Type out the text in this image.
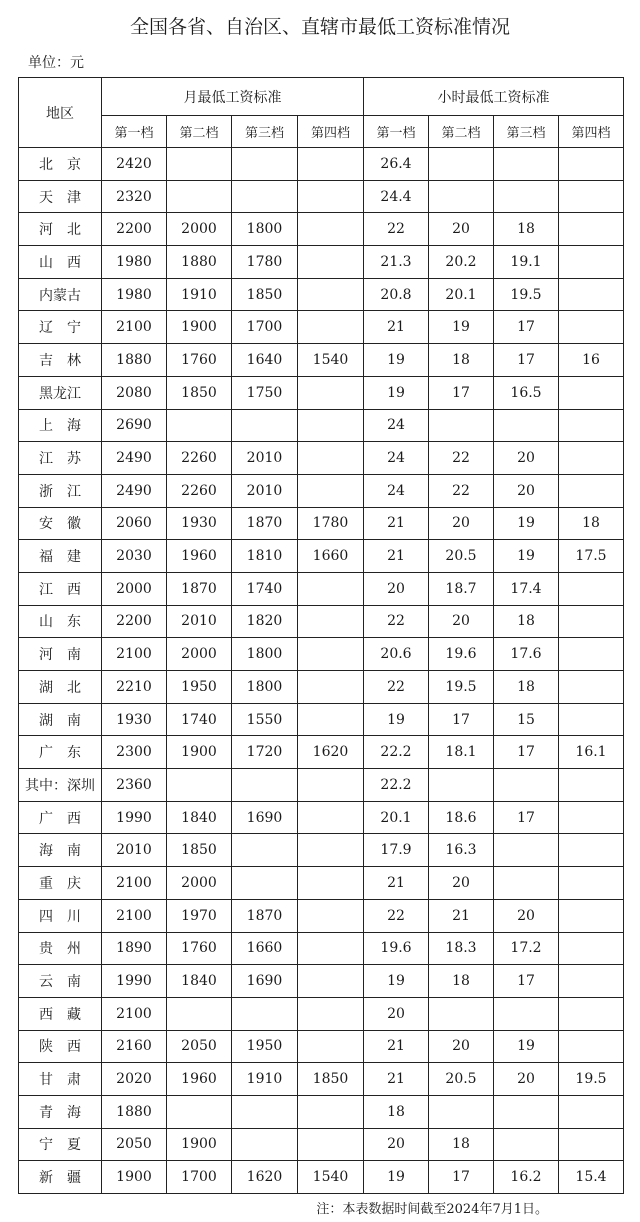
全国各省、自治区、直辖市最低工资标准情况
单位：元
地区	月最低工资标准				小时最低工资标准			
	第一档	第二档	第三档	第四档	第一档	第二档	第三档	第四档
北　京	2420				26.4			
天　津	2320				24.4			
河　北	2200	2000	1800		22	20	18	
山　西	1980	1880	1780		21.3	20.2	19.1	
内蒙古	1980	1910	1850		20.8	20.1	19.5	
辽　宁	2100	1900	1700		21	19	17	
吉　林	1880	1760	1640	1540	19	18	17	16
黑龙江	2080	1850	1750		19	17	16.5	
上　海	2690				24			
江　苏	2490	2260	2010		24	22	20	
浙　江	2490	2260	2010		24	22	20	
安　徽	2060	1930	1870	1780	21	20	19	18
福　建	2030	1960	1810	1660	21	20.5	19	17.5
江　西	2000	1870	1740		20	18.7	17.4	
山　东	2200	2010	1820		22	20	18	
河　南	2100	2000	1800		20.6	19.6	17.6	
湖　北	2210	1950	1800		22	19.5	18	
湖　南	1930	1740	1550		19	17	15	
广　东	2300	1900	1720	1620	22.2	18.1	17	16.1
其中：深圳	2360				22.2			
广　西	1990	1840	1690		20.1	18.6	17	
海　南	2010	1850			17.9	16.3		
重　庆	2100	2000			21	20		
四　川	2100	1970	1870		22	21	20	
贵　州	1890	1760	1660		19.6	18.3	17.2	
云　南	1990	1840	1690		19	18	17	
西　藏	2100				20			
陕　西	2160	2050	1950		21	20	19	
甘　肃	2020	1960	1910	1850	21	20.5	20	19.5
青　海	1880				18			
宁　夏	2050	1900			20	18		
新　疆	1900	1700	1620	1540	19	17	16.2	15.4
注：本表数据时间截至2024年7月1日。
